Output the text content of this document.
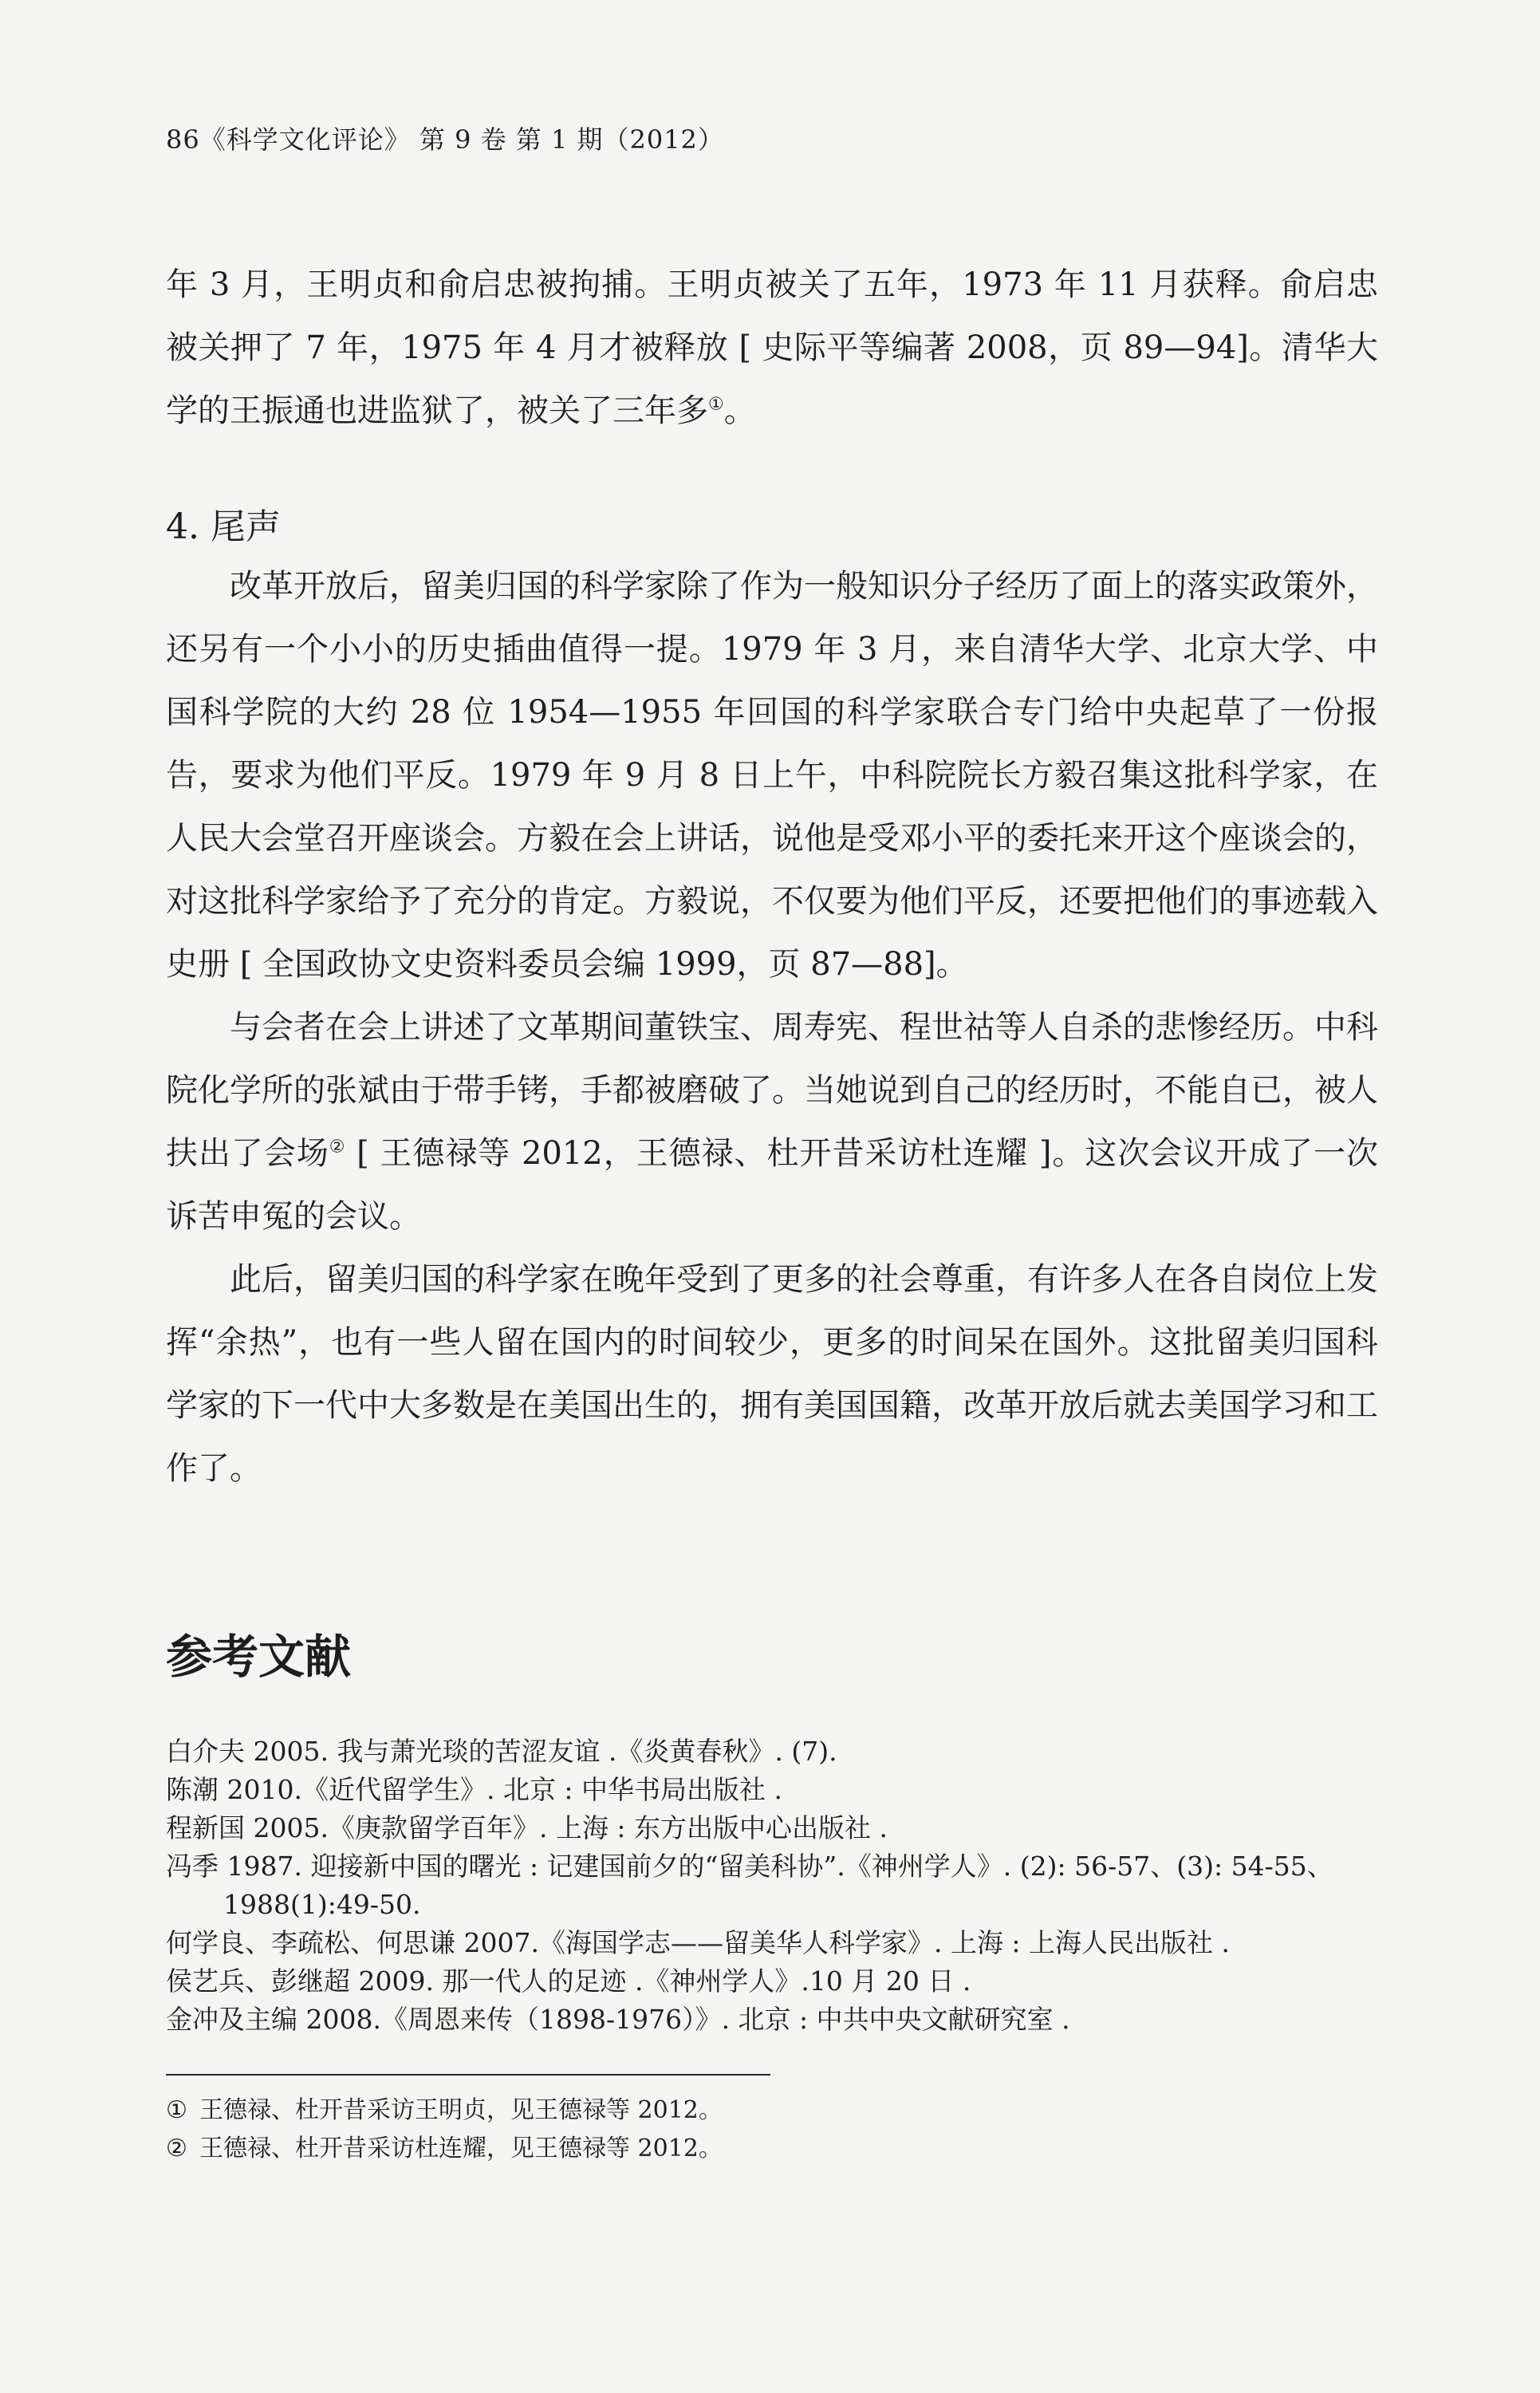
86《科学文化评论》 第 9 卷 第 1 期（2012）

年 3 月，王明贞和俞启忠被拘捕。王明贞被关了五年，1973 年 11 月获释。俞启忠被关押了 7 年，1975 年 4 月才被释放 [ 史际平等编著 2008，页 89—94]。清华大学的王振通也进监狱了，被关了三年多①。

4. 尾声

改革开放后，留美归国的科学家除了作为一般知识分子经历了面上的落实政策外，还另有一个小小的历史插曲值得一提。1979 年 3 月，来自清华大学、北京大学、中国科学院的大约 28 位 1954—1955 年回国的科学家联合专门给中央起草了一份报告，要求为他们平反。1979 年 9 月 8 日上午，中科院院长方毅召集这批科学家，在人民大会堂召开座谈会。方毅在会上讲话，说他是受邓小平的委托来开这个座谈会的，对这批科学家给予了充分的肯定。方毅说，不仅要为他们平反，还要把他们的事迹载入史册 [ 全国政协文史资料委员会编 1999，页 87—88]。

与会者在会上讲述了文革期间董铁宝、周寿宪、程世祜等人自杀的悲惨经历。中科院化学所的张斌由于带手铐，手都被磨破了。当她说到自己的经历时，不能自已，被人扶出了会场② [ 王德禄等 2012，王德禄、杜开昔采访杜连耀 ]。这次会议开成了一次诉苦申冤的会议。

此后，留美归国的科学家在晚年受到了更多的社会尊重，有许多人在各自岗位上发挥“余热”，也有一些人留在国内的时间较少，更多的时间呆在国外。这批留美归国科学家的下一代中大多数是在美国出生的，拥有美国国籍，改革开放后就去美国学习和工作了。

参考文献
白介夫 2005. 我与萧光琰的苦涩友谊 .《炎黄春秋》. (7).
陈潮 2010.《近代留学生》. 北京 : 中华书局出版社 .
程新国 2005.《庚款留学百年》. 上海 : 东方出版中心出版社 .
冯季 1987. 迎接新中国的曙光 : 记建国前夕的“留美科协”.《神州学人》. (2): 56-57、(3): 54-55、1988(1):49-50.
何学良、李疏松、何思谦 2007.《海国学志——留美华人科学家》. 上海 : 上海人民出版社 .
侯艺兵、彭继超 2009. 那一代人的足迹 .《神州学人》.10 月 20 日 .
金冲及主编 2008.《周恩来传（1898-1976）》. 北京 : 中共中央文献研究室 .
① 王德禄、杜开昔采访王明贞，见王德禄等 2012。
② 王德禄、杜开昔采访杜连耀，见王德禄等 2012。
